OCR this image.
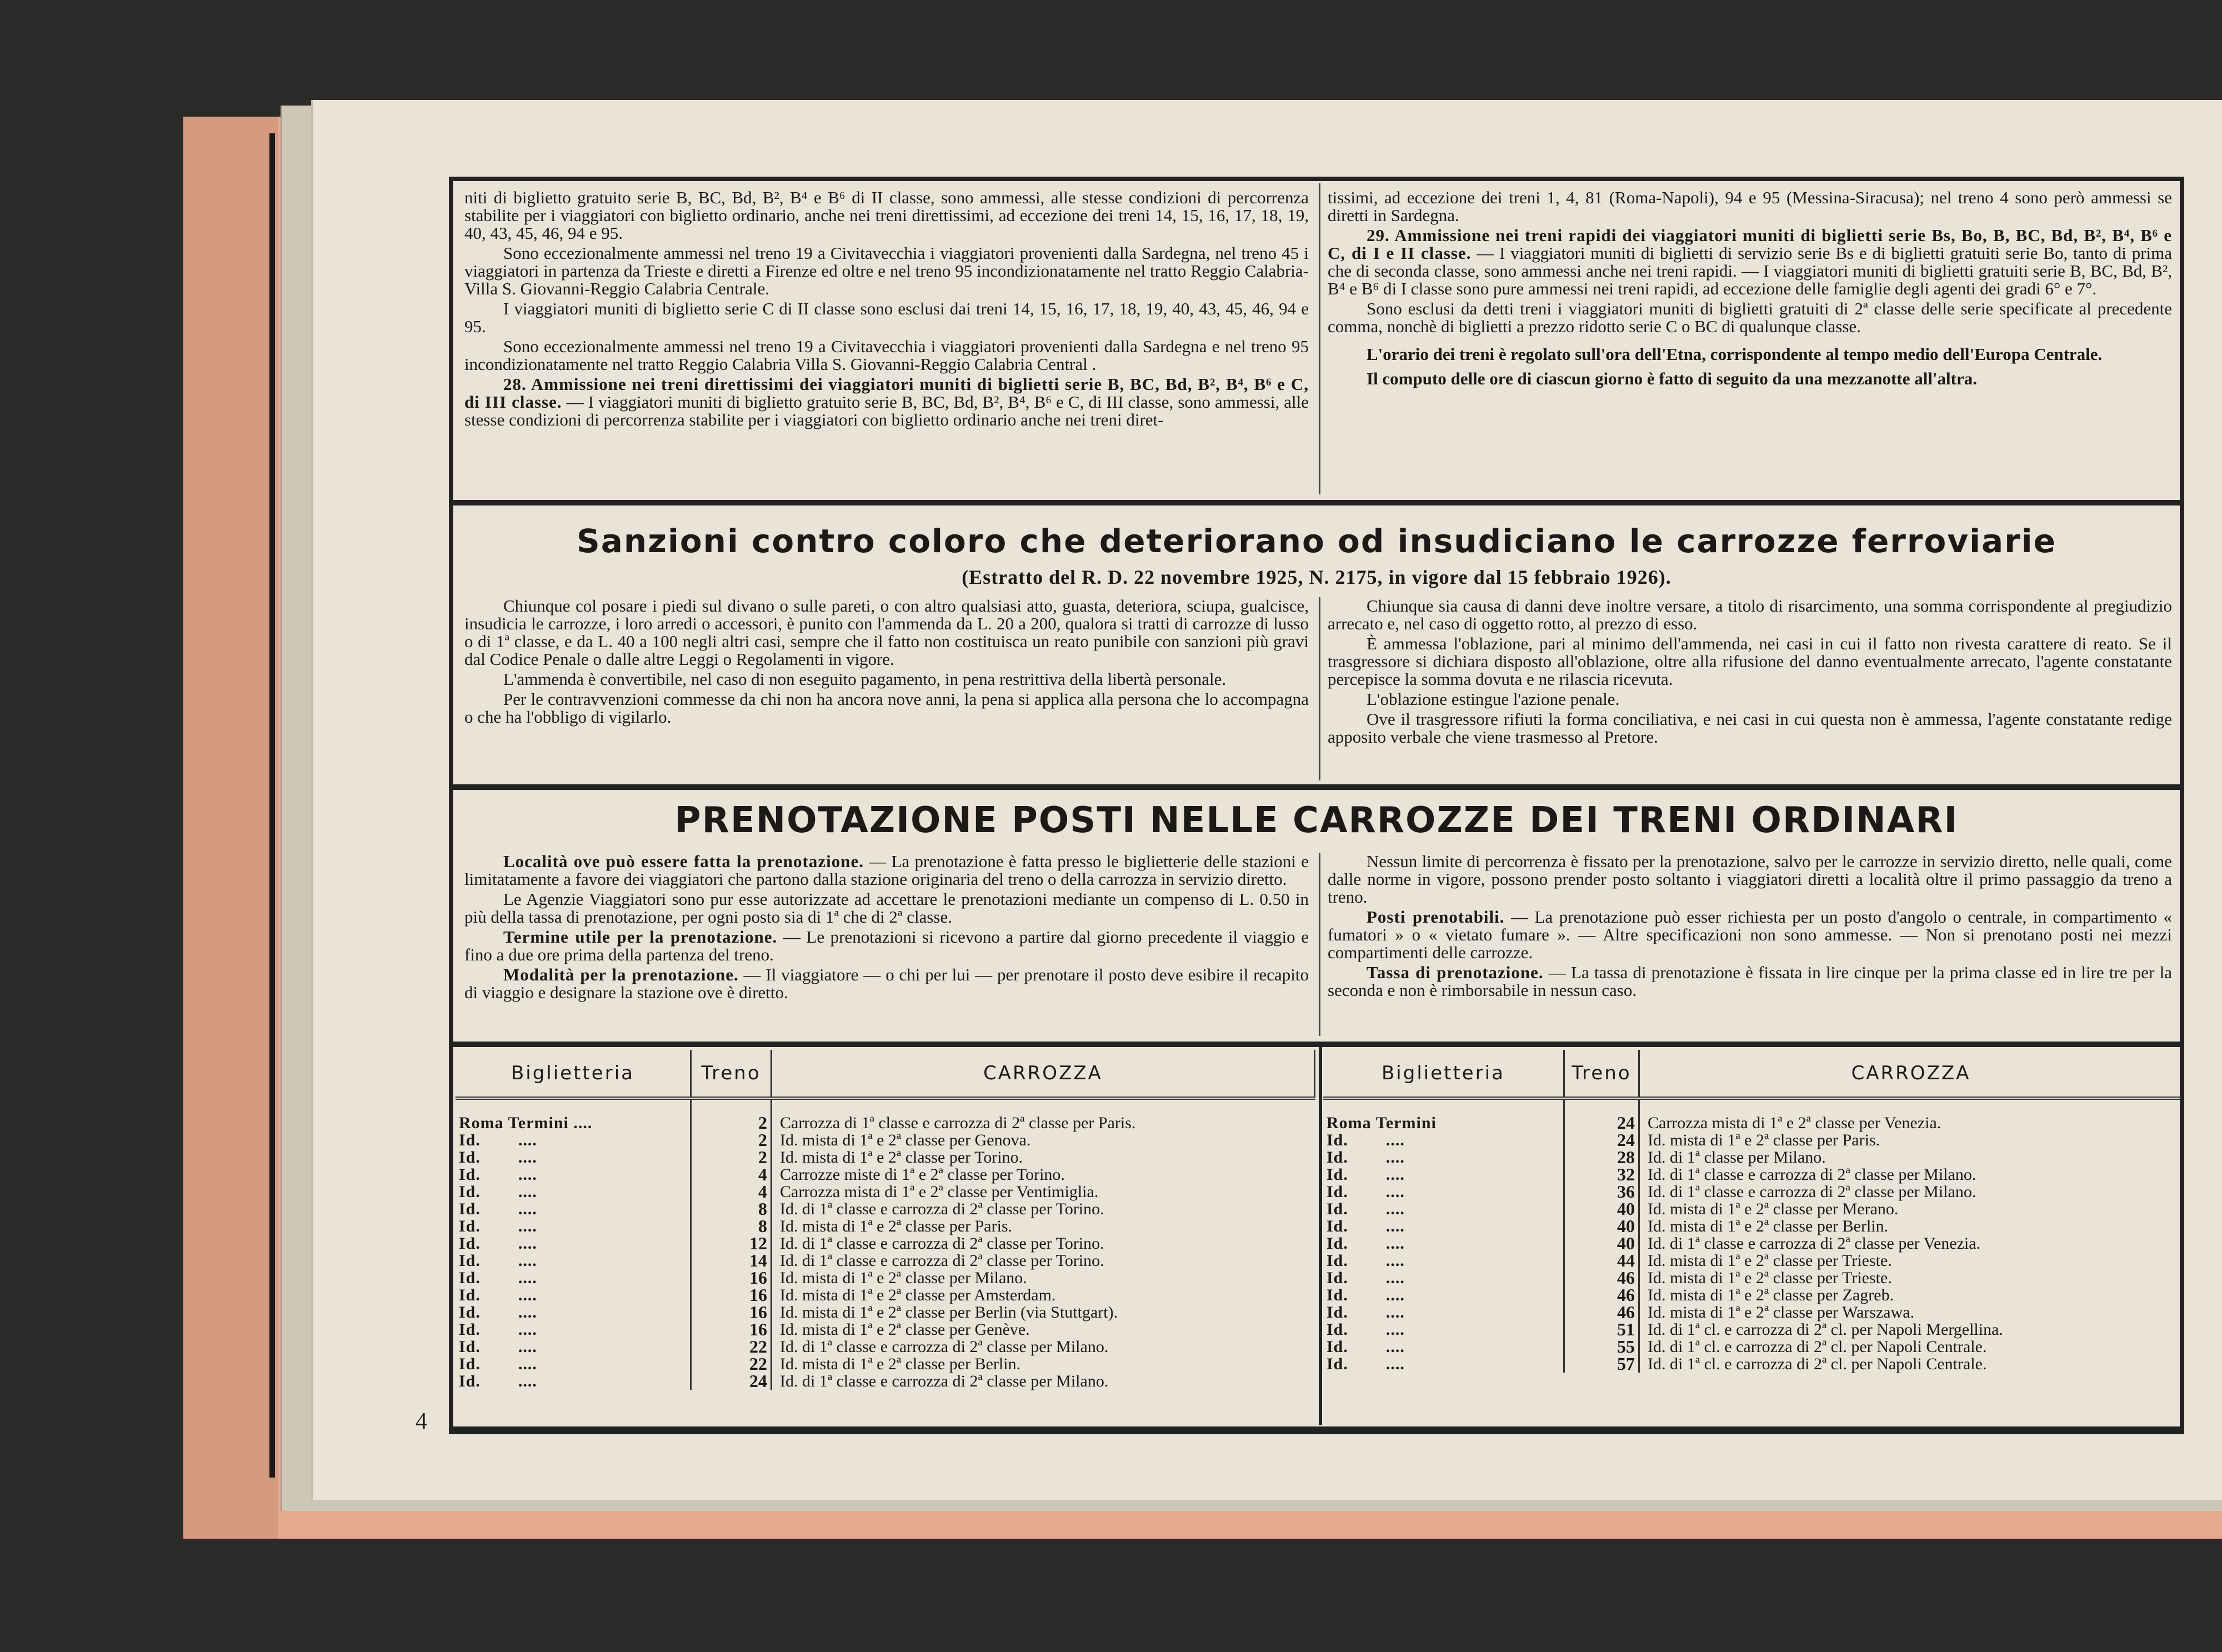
4

niti di biglietto gratuito serie B, BC, Bd, B², B⁴ e B⁶ di II classe, sono ammessi, alle stesse condizioni di percorrenza stabilite per i viaggiatori con biglietto ordinario, anche nei treni direttissimi, ad eccezione dei treni 14, 15, 16, 17, 18, 19, 40, 43, 45, 46, 94 e 95.

Sono eccezionalmente ammessi nel treno 19 a Civitavecchia i viaggiatori provenienti dalla Sardegna, nel treno 45 i viaggiatori in partenza da Trieste e diretti a Firenze ed oltre e nel treno 95 incondizionatamente nel tratto Reggio Calabria-Villa S. Giovanni-Reggio Calabria Centrale.

I viaggiatori muniti di biglietto serie C di II classe sono esclusi dai treni 14, 15, 16, 17, 18, 19, 40, 43, 45, 46, 94 e 95.

Sono eccezionalmente ammessi nel treno 19 a Civitavecchia i viaggiatori provenienti dalla Sardegna e nel treno 95 incondizionatamente nel tratto Reggio Calabria Villa S. Giovanni-Reggio Calabria Central .

28. Ammissione nei treni direttissimi dei viaggiatori muniti di biglietti serie B, BC, Bd, B², B⁴, B⁶ e C, di III classe. — I viaggiatori muniti di biglietto gratuito serie B, BC, Bd, B², B⁴, B⁶ e C, di III classe, sono ammessi, alle stesse condizioni di percorrenza stabilite per i viaggiatori con biglietto ordinario anche nei treni diret-

tissimi, ad eccezione dei treni 1, 4, 81 (Roma-Napoli), 94 e 95 (Messina-Siracusa); nel treno 4 sono però ammessi se diretti in Sardegna.

29. Ammissione nei treni rapidi dei viaggiatori muniti di biglietti serie Bs, Bo, B, BC, Bd, B², B⁴, B⁶ e C, di I e II classe. — I viaggiatori muniti di biglietti di servizio serie Bs e di biglietti gratuiti serie Bo, tanto di prima che di seconda classe, sono ammessi anche nei treni rapidi. — I viaggiatori muniti di biglietti gratuiti serie B, BC, Bd, B², B⁴ e B⁶ di I classe sono pure ammessi nei treni rapidi, ad eccezione delle famiglie degli agenti dei gradi 6° e 7°.

Sono esclusi da detti treni i viaggiatori muniti di biglietti gratuiti di 2ª classe delle serie specificate al precedente comma, nonchè di biglietti a prezzo ridotto serie C o BC di qualunque classe.

L'orario dei treni è regolato sull'ora dell'Etna, corrispondente al tempo medio dell'Europa Centrale.

Il computo delle ore di ciascun giorno è fatto di seguito da una mezzanotte all'altra.

Sanzioni contro coloro che deteriorano od insudiciano le carrozze ferroviarie
(Estratto del R. D. 22 novembre 1925, N. 2175, in vigore dal 15 febbraio 1926).

Chiunque col posare i piedi sul divano o sulle pareti, o con altro qualsiasi atto, guasta, deteriora, sciupa, gualcisce, insudicia le carrozze, i loro arredi o accessori, è punito con l'ammenda da L. 20 a 200, qualora si tratti di carrozze di lusso o di 1ª classe, e da L. 40 a 100 negli altri casi, sempre che il fatto non costituisca un reato punibile con sanzioni più gravi dal Codice Penale o dalle altre Leggi o Regolamenti in vigore.

L'ammenda è convertibile, nel caso di non eseguito pagamento, in pena restrittiva della libertà personale.

Per le contravvenzioni commesse da chi non ha ancora nove anni, la pena si applica alla persona che lo accompagna o che ha l'obbligo di vigilarlo.

Chiunque sia causa di danni deve inoltre versare, a titolo di risarcimento, una somma corrispondente al pregiudizio arrecato e, nel caso di oggetto rotto, al prezzo di esso.

È ammessa l'oblazione, pari al minimo dell'ammenda, nei casi in cui il fatto non rivesta carattere di reato. Se il trasgressore si dichiara disposto all'oblazione, oltre alla rifusione del danno eventualmente arrecato, l'agente constatante percepisce la somma dovuta e ne rilascia ricevuta.

L'oblazione estingue l'azione penale.

Ove il trasgressore rifiuti la forma conciliativa, e nei casi in cui questa non è ammessa, l'agente constatante redige apposito verbale che viene trasmesso al Pretore.

PRENOTAZIONE POSTI NELLE CARROZZE DEI TRENI ORDINARI

Località ove può essere fatta la prenotazione. — La prenotazione è fatta presso le biglietterie delle stazioni e limitatamente a favore dei viaggiatori che partono dalla stazione originaria del treno o della carrozza in servizio diretto.

Le Agenzie Viaggiatori sono pur esse autorizzate ad accettare le prenotazioni mediante un compenso di L. 0.50 in più della tassa di prenotazione, per ogni posto sia di 1ª che di 2ª classe.

Termine utile per la prenotazione. — Le prenotazioni si ricevono a partire dal giorno precedente il viaggio e fino a due ore prima della partenza del treno.

Modalità per la prenotazione. — Il viaggiatore — o chi per lui — per prenotare il posto deve esibire il recapito di viaggio e designare la stazione ove è diretto.

Nessun limite di percorrenza è fissato per la prenotazione, salvo per le carrozze in servizio diretto, nelle quali, come dalle norme in vigore, possono prender posto soltanto i viaggiatori diretti a località oltre il primo passaggio da treno a treno.

Posti prenotabili. — La prenotazione può esser richiesta per un posto d'angolo o centrale, in compartimento « fumatori » o « vietato fumare ». — Altre specificazioni non sono ammesse. — Non si prenotano posti nei mezzi compartimenti delle carrozze.

Tassa di prenotazione. — La tassa di prenotazione è fissata in lire cinque per la prima classe ed in lire tre per la seconda e non è rimborsabile in nessun caso.

Biglietteria	Treno	CARROZZA
Roma Termini ....	2	Carrozza di 1ª classe e carrozza di 2ª classe per Paris.
Id.        ....	2	Id. mista di 1ª e 2ª classe per Genova.
Id.        ....	2	Id. mista di 1ª e 2ª classe per Torino.
Id.        ....	4	Carrozze miste di 1ª e 2ª classe per Torino.
Id.        ....	4	Carrozza mista di 1ª e 2ª classe per Ventimiglia.
Id.        ....	8	Id. di 1ª classe e carrozza di 2ª classe per Torino.
Id.        ....	8	Id. mista di 1ª e 2ª classe per Paris.
Id.        ....	12	Id. di 1ª classe e carrozza di 2ª classe per Torino.
Id.        ....	14	Id. di 1ª classe e carrozza di 2ª classe per Torino.
Id.        ....	16	Id. mista di 1ª e 2ª classe per Milano.
Id.        ....	16	Id. mista di 1ª e 2ª classe per Amsterdam.
Id.        ....	16	Id. mista di 1ª e 2ª classe per Berlin (via Stuttgart).
Id.        ....	16	Id. mista di 1ª e 2ª classe per Genève.
Id.        ....	22	Id. di 1ª classe e carrozza di 2ª classe per Milano.
Id.        ....	22	Id. mista di 1ª e 2ª classe per Berlin.
Id.        ....	24	Id. di 1ª classe e carrozza di 2ª classe per Milano.
Biglietteria	Treno	CARROZZA
Roma Termini	24	Carrozza mista di 1ª e 2ª classe per Venezia.
Id.        ....	24	Id. mista di 1ª e 2ª classe per Paris.
Id.        ....	28	Id. di 1ª classe per Milano.
Id.        ....	32	Id. di 1ª classe e carrozza di 2ª classe per Milano.
Id.        ....	36	Id. di 1ª classe e carrozza di 2ª classe per Milano.
Id.        ....	40	Id. mista di 1ª e 2ª classe per Merano.
Id.        ....	40	Id. mista di 1ª e 2ª classe per Berlin.
Id.        ....	40	Id. di 1ª classe e carrozza di 2ª classe per Venezia.
Id.        ....	44	Id. mista di 1ª e 2ª classe per Trieste.
Id.        ....	46	Id. mista di 1ª e 2ª classe per Trieste.
Id.        ....	46	Id. mista di 1ª e 2ª classe per Zagreb.
Id.        ....	46	Id. mista di 1ª e 2ª classe per Warszawa.
Id.        ....	51	Id. di 1ª cl. e carrozza di 2ª cl. per Napoli Mergellina.
Id.        ....	55	Id. di 1ª cl. e carrozza di 2ª cl. per Napoli Centrale.
Id.        ....	57	Id. di 1ª cl. e carrozza di 2ª cl. per Napoli Centrale.
